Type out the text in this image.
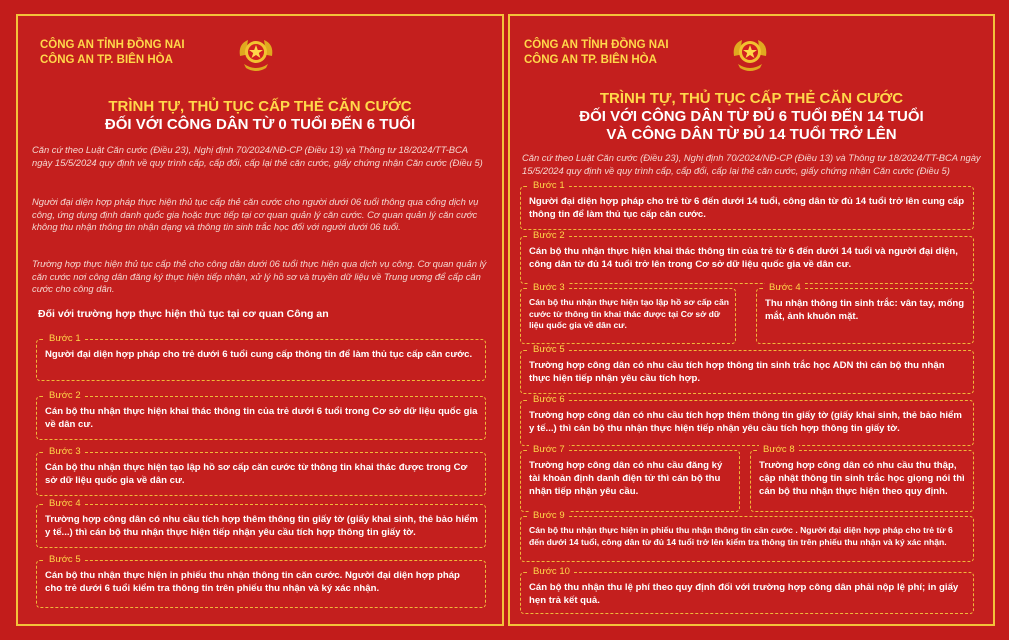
CÔNG AN TỈNH ĐỒNG NAI
CÔNG AN TP. BIÊN HÒA
TRÌNH TỰ, THỦ TỤC CẤP THẺ CĂN CƯỚC
ĐỐI VỚI CÔNG DÂN TỪ 0 TUỔI ĐẾN 6 TUỔI
Căn cứ theo Luật Căn cước (Điều 23), Nghị định 70/2024/NĐ-CP (Điều 13) và Thông tư 18/2024/TT-BCA ngày 15/5/2024 quy định về quy trình cấp, cấp đổi, cấp lại thẻ căn cước, giấy chứng nhận Căn cước (Điều 5)
Người đại diện hợp pháp thực hiện thủ tục cấp thẻ căn cước cho người dưới 06 tuổi thông qua cổng dịch vụ công, ứng dụng định danh quốc gia hoặc trực tiếp tại cơ quan quản lý căn cước. Cơ quan quản lý căn cước không thu nhận thông tin nhận dạng và thông tin sinh trắc học đối với người dưới 06 tuổi.
Trường hợp thực hiện thủ tục cấp thẻ cho công dân dưới 06 tuổi thực hiện qua dịch vụ công. Cơ quan quản lý căn cước nơi công dân đăng ký thực hiện tiếp nhận, xử lý hồ sơ và truyền dữ liệu về Trung ương để cấp căn cước cho công dân.
Đối với trường hợp thực hiện thủ tục tại cơ quan Công an
Bước 1
Người đại diện hợp pháp cho trẻ dưới 6 tuổi cung cấp thông tin để làm thủ tục cấp căn cước.
Bước 2
Cán bộ thu nhận thực hiện khai thác thông tin của trẻ dưới 6 tuổi trong Cơ sở dữ liệu quốc gia về dân cư.
Bước 3
Cán bộ thu nhận thực hiện tạo lập hồ sơ cấp căn cước từ thông tin khai thác được trong Cơ sở dữ liệu quốc gia về dân cư.
Bước 4
Trường hợp công dân có nhu cầu tích hợp thêm thông tin giấy tờ (giấy khai sinh, thẻ bảo hiểm y tế...) thì cán bộ thu nhận thực hiện tiếp nhận yêu cầu tích hợp thông tin giấy tờ.
Bước 5
Cán bộ thu nhận thực hiện in phiếu thu nhận thông tin căn cước. Người đại diện hợp pháp cho trẻ dưới 6 tuổi kiểm tra thông tin trên phiếu thu nhận và ký xác nhận.
CÔNG AN TỈNH ĐỒNG NAI
CÔNG AN TP. BIÊN HÒA
TRÌNH TỰ, THỦ TỤC CẤP THẺ CĂN CƯỚC
ĐỐI VỚI CÔNG DÂN TỪ ĐỦ 6 TUỔI ĐẾN 14 TUỔI
VÀ CÔNG DÂN TỪ ĐỦ 14 TUỔI TRỞ LÊN
Căn cứ theo Luật Căn cước (Điều 23), Nghị định 70/2024/NĐ-CP (Điều 13) và Thông tư 18/2024/TT-BCA ngày 15/5/2024 quy định về quy trình cấp, cấp đổi, cấp lại thẻ căn cước, giấy chứng nhận Căn cước (Điều 5)
Bước 1
Người đại diện hợp pháp cho trẻ từ 6 đến dưới 14 tuổi, công dân từ đủ 14 tuổi trở lên cung cấp thông tin để làm thủ tục cấp căn cước.
Bước 2
Cán bộ thu nhận thực hiện khai thác thông tin của trẻ từ 6 đến dưới 14 tuổi và người đại diện, công dân từ đủ 14 tuổi trở lên trong Cơ sở dữ liệu quốc gia về dân cư.
Bước 3
Cán bộ thu nhận thực hiện tạo lập hồ sơ cấp căn cước từ thông tin khai thác được tại Cơ sở dữ liệu quốc gia về dân cư.
Bước 4
Thu nhận thông tin sinh trắc: vân tay, mống mắt, ảnh khuôn mặt.
Bước 5
Trường hợp công dân có nhu cầu tích hợp thông tin sinh trắc học ADN thì cán bộ thu nhận thực hiện tiếp nhận yêu cầu tích hợp.
Bước 6
Trường hợp công dân có nhu cầu tích hợp thêm thông tin giấy tờ (giấy khai sinh, thẻ bảo hiểm y tế...) thì cán bộ thu nhận thực hiện tiếp nhận yêu cầu tích hợp thông tin giấy tờ.
Bước 7
Trường hợp công dân có nhu cầu đăng ký tài khoản định danh điện tử thì cán bộ thu nhận tiếp nhận yêu cầu.
Bước 8
Trường hợp công dân có nhu cầu thu thập, cập nhật thông tin sinh trắc học giọng nói thì cán bộ thu nhận thực hiện theo quy định.
Bước 9
Cán bộ thu nhận thực hiện in phiếu thu nhận thông tin căn cước . Người đại diện hợp pháp cho trẻ từ 6 đến dưới 14 tuổi, công dân từ đủ 14 tuổi trở lên kiểm tra thông tin trên phiếu thu nhận và ký xác nhận.
Bước 10
Cán bộ thu nhận thu lệ phí theo quy định đối với trường hợp công dân phải nộp lệ phí; in giấy hẹn trả kết quả.
